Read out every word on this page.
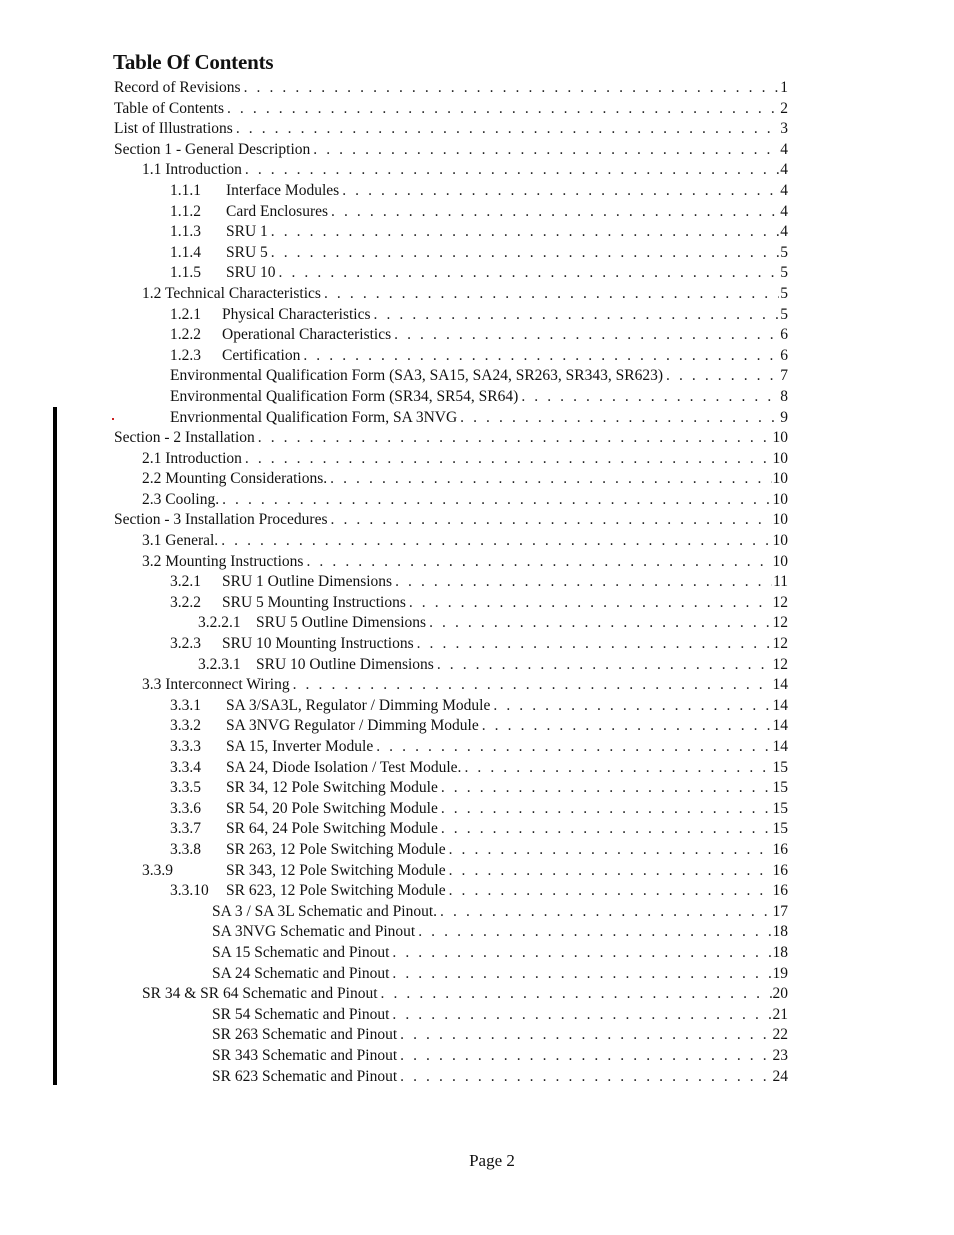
Table Of Contents
Record of Revisions . . .	1
Table of Contents . . .	2
List of Illustrations . . .	3
Section 1 - General Description . . .	4
1.1 Introduction . . .	4
1.1.1 Interface Modules . . .	4
1.1.2 Card Enclosures . . .	4
1.1.3 SRU 1 . . .	4
1.1.4 SRU 5 . . .	5
1.1.5 SRU 10 . . .	5
1.2 Technical Characteristics . . .	5
1.2.1 Physical Characteristics . . .	5
1.2.2 Operational Characteristics . . .	6
1.2.3 Certification . . .	6
Environmental Qualification Form (SA3, SA15, SA24, SR263, SR343, SR623) . . .	7
Environmental Qualification Form (SR34, SR54, SR64) . . .	8
Envrionmental Qualification Form, SA 3NVG . . .	9
Section - 2 Installation . . .	10
2.1 Introduction . . .	10
2.2 Mounting Considerations. . . .	10
2.3 Cooling. . . .	10
Section - 3 Installation Procedures . . .	10
3.1 General. . . .	10
3.2 Mounting Instructions . . .	10
3.2.1 SRU 1 Outline Dimensions . . .	11
3.2.2 SRU 5 Mounting Instructions . . .	12
3.2.2.1 SRU 5 Outline Dimensions . . .	12
3.2.3 SRU 10 Mounting Instructions . . .	12
3.2.3.1 SRU 10 Outline Dimensions . . .	12
3.3 Interconnect Wiring . . .	14
3.3.1 SA 3/SA3L, Regulator / Dimming Module . . .	14
3.3.2 SA 3NVG Regulator / Dimming Module . . .	14
3.3.3 SA 15, Inverter Module . . .	14
3.3.4 SA 24, Diode Isolation / Test Module. . . .	15
3.3.5 SR 34, 12 Pole Switching Module . . .	15
3.3.6 SR 54, 20 Pole Switching Module . . .	15
3.3.7 SR 64, 24 Pole Switching Module . . .	15
3.3.8 SR 263, 12 Pole Switching Module . . .	16
3.3.9	SR 343, 12 Pole Switching Module . . .	16
3.3.10 SR 623, 12 Pole Switching Module . . .	16
SA 3 / SA 3L Schematic and Pinout. . . .	17
SA 3NVG Schematic and Pinout . . .	18
SA 15 Schematic and Pinout . . .	18
SA 24 Schematic and Pinout . . .	19
SR 34 & SR 64 Schematic and Pinout . . .	20
SR 54 Schematic and Pinout . . .	21
SR 263 Schematic and Pinout . . .	22
SR 343 Schematic and Pinout . . .	23
SR 623 Schematic and Pinout . . .	24
Page 2
